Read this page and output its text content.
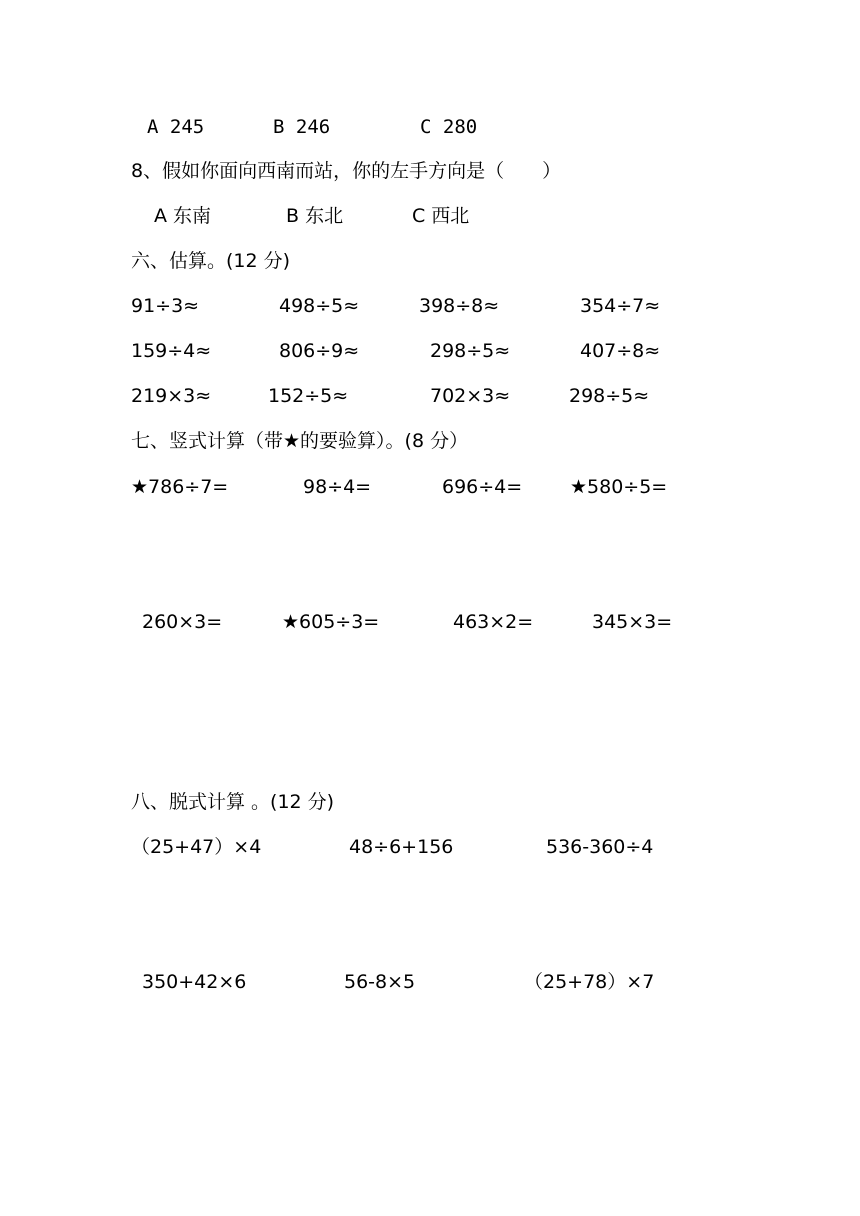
A 245	B 246	C 280
8、假如你面向西南而站，你的左手方向是（　　）
A 东南	B 东北	C 西北
六、估算。(12 分)
91÷3≈	498÷5≈	398÷8≈	354÷7≈
159÷4≈	806÷9≈	298÷5≈	407÷8≈
219×3≈	152÷5≈	702×3≈	298÷5≈
七、竖式计算（带★的要验算）。(8 分）
★786÷7=	98÷4=	696÷4=	★580÷5=
260×3=	★605÷3=	463×2=	345×3=
八、脱式计算 。(12 分)
（25+47）×4	48÷6+156	536-360÷4
350+42×6	56-8×5	（25+78）×7
